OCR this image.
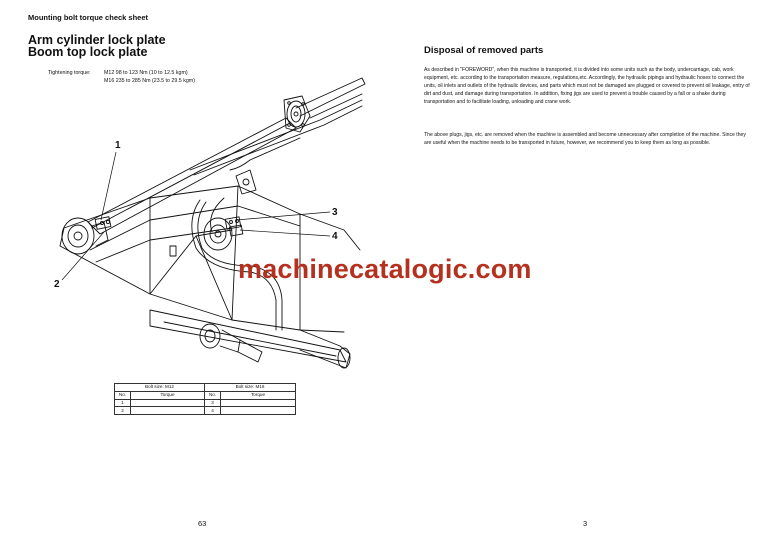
Mounting bolt torque check sheet
Arm cylinder lock plate
Boom top lock plate
Tightening torque:	M12 98 to 123 Nm (10 to 12.5 kgm)
M16 235 to 285 Nm (23.5 to 29.5 kgm)
1
2
3
4
machinecatalogic.com
Bolt size: M12		Bolt size: M16	
No.	Torque	No.	Torque
1		3	
2		4	
63
Disposal of removed parts
As described in "FOREWORD", when this machine is transported, it is divided into some units such as the body, undercarriage, cab, work equipment, etc. according to the transportation measure, regulations,etc. Accordingly, the hydraulic pipings and hydraulic hoses to connect the units, oil inlets and outlets of the hydraulic devices, and parts which must not be damaged are plugged or covered to prevent oil leakage, entry of dirt and dust, and damage during transportation. In addition, fixing jigs are used to prevent a trouble caused by a fall or a shake during transportation and to facilitate loading, unloading and crane work.
The above plugs, jigs, etc. are removed when the machine is assembled and become unnecessary after completion of the machine. Since they are useful when the machine needs to be transported in future, however, we recommend you to keep them as long as possible.
3
